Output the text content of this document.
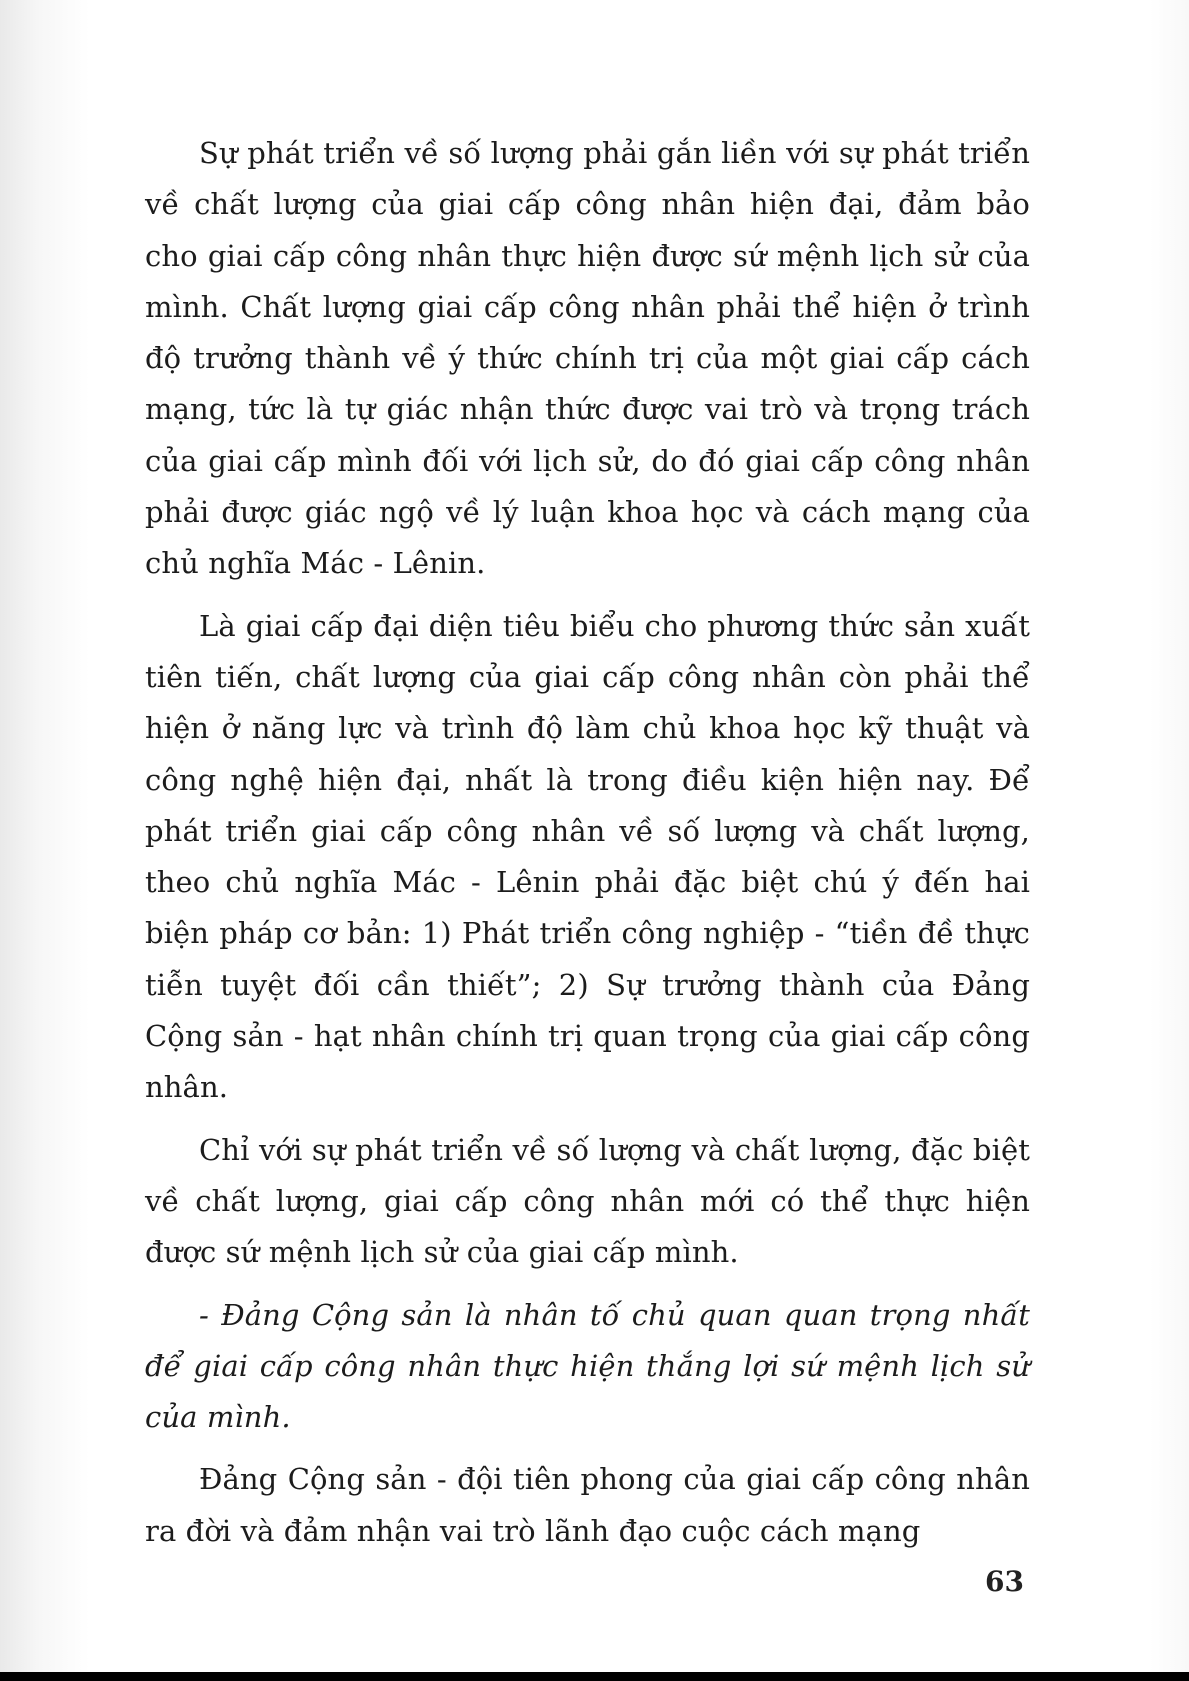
Sự phát triển về số lượng phải gắn liền với sự phát triển về chất lượng của giai cấp công nhân hiện đại, đảm bảo cho giai cấp công nhân thực hiện được sứ mệnh lịch sử của mình. Chất lượng giai cấp công nhân phải thể hiện ở trình độ trưởng thành về ý thức chính trị của một giai cấp cách mạng, tức là tự giác nhận thức được vai trò và trọng trách của giai cấp mình đối với lịch sử, do đó giai cấp công nhân phải được giác ngộ về lý luận khoa học và cách mạng của chủ nghĩa Mác - Lênin.

Là giai cấp đại diện tiêu biểu cho phương thức sản xuất tiên tiến, chất lượng của giai cấp công nhân còn phải thể hiện ở năng lực và trình độ làm chủ khoa học kỹ thuật và công nghệ hiện đại, nhất là trong điều kiện hiện nay. Để phát triển giai cấp công nhân về số lượng và chất lượng, theo chủ nghĩa Mác - Lênin phải đặc biệt chú ý đến hai biện pháp cơ bản: 1) Phát triển công nghiệp - “tiền đề thực tiễn tuyệt đối cần thiết”; 2) Sự trưởng thành của Đảng Cộng sản - hạt nhân chính trị quan trọng của giai cấp công nhân.

Chỉ với sự phát triển về số lượng và chất lượng, đặc biệt về chất lượng, giai cấp công nhân mới có thể thực hiện được sứ mệnh lịch sử của giai cấp mình.

- Đảng Cộng sản là nhân tố chủ quan quan trọng nhất để giai cấp công nhân thực hiện thắng lợi sứ mệnh lịch sử của mình.

Đảng Cộng sản - đội tiên phong của giai cấp công nhân ra đời và đảm nhận vai trò lãnh đạo cuộc cách mạng

63
